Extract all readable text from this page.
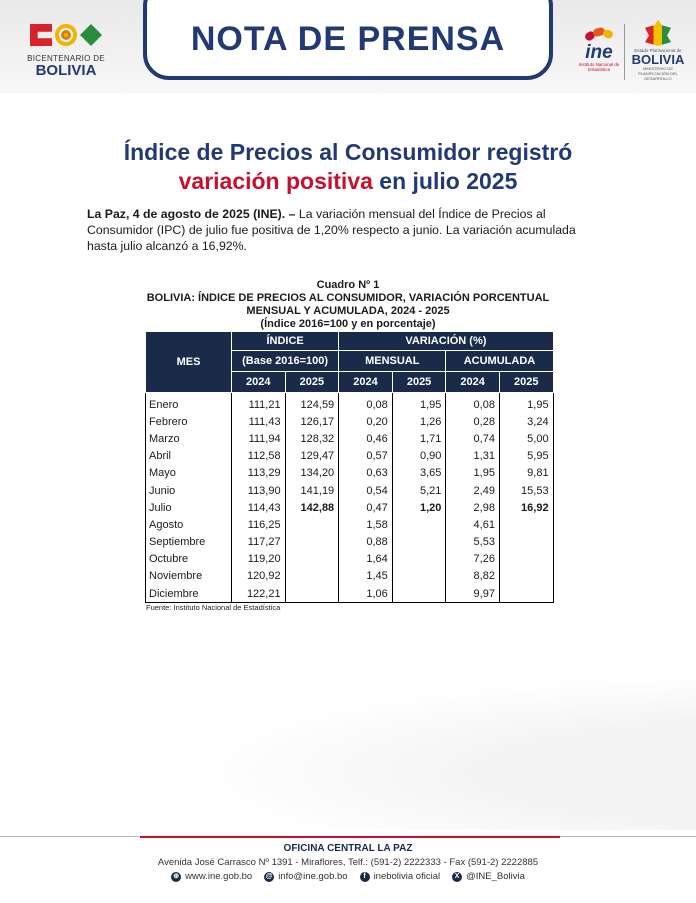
BICENTENARIO DE
BOLIVIA
NOTA DE PRENSA	ine
Instituto Nacional de Estadística
Estado Plurinacional de
BOLIVIA
MINISTERIO DE PLANIFICACIÓN DEL DESARROLLO
Índice de Precios al Consumidor registró
variación positiva en julio 2025

La Paz, 4 de agosto de 2025 (INE). – La variación mensual del Índice de Precios al Consumidor (IPC) de julio fue positiva de 1,20% respecto a junio. La variación acumulada hasta julio alcanzó a 16,92%.

Cuadro Nº 1
BOLIVIA: ÍNDICE DE PRECIOS AL CONSUMIDOR, VARIACIÓN PORCENTUAL
MENSUAL Y ACUMULADA, 2024 - 2025
(Índice 2016=100 y en porcentaje)
MES	ÍNDICE		VARIACIÓN (%)			
	(Base 2016=100)		MENSUAL		ACUMULADA	
	2024	2025	2024	2025	2024	2025
Enero	111,21	124,59	0,08	1,95	0,08	1,95
Febrero	111,43	126,17	0,20	1,26	0,28	3,24
Marzo	111,94	128,32	0,46	1,71	0,74	5,00
Abril	112,58	129,47	0,57	0,90	1,31	5,95
Mayo	113,29	134,20	0,63	3,65	1,95	9,81
Junio	113,90	141,19	0,54	5,21	2,49	15,53
Julio	114,43	142,88	0,47	1,20	2,98	16,92
Agosto	116,25		1,58		4,61	
Septiembre	117,27		0,88		5,53	
Octubre	119,20		1,64		7,26	
Noviembre	120,92		1,45		8,82	
Diciembre	122,21		1,06		9,97	
Fuente: Instituto Nacional de Estadística
OFICINA CENTRAL LA PAZ
Avenida José Carrasco Nº 1391 - Miraflores, Telf.: (591-2) 2222333 - Fax (591-2) 2222885
⊕ www.ine.gob.bo @ info@ine.gob.bo	f inebolivia oficial	X @INE_Bolivia
